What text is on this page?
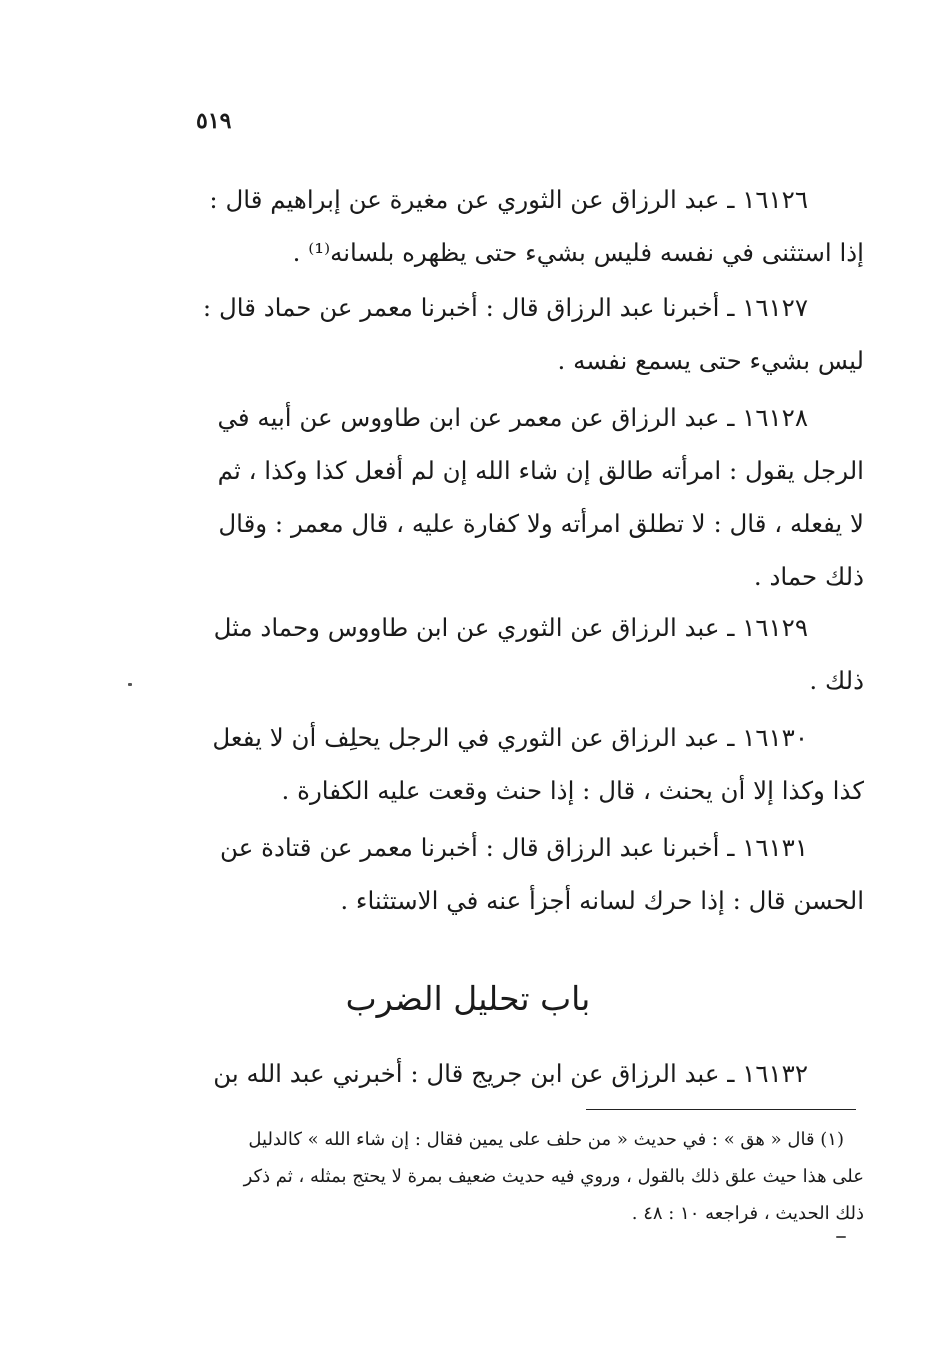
٥١٩
١٦١٢٦ ـ عبد الرزاق عن الثوري عن مغيرة عن إبراهيم قال :
إذا استثنى في نفسه فليس بشيء حتى يظهره بلسانه⁽¹⁾ .
١٦١٢٧ ـ أخبرنا عبد الرزاق قال : أخبرنا معمر عن حماد قال :
ليس بشيء حتى يسمع نفسه .
١٦١٢٨ ـ عبد الرزاق عن معمر عن ابن طاووس عن أبيه في
الرجل يقول : امرأته طالق إن شاء الله إن لم أفعل كذا وكذا ، ثم
لا يفعله ، قال : لا تطلق امرأته ولا كفارة عليه ، قال معمر : وقال
ذلك حماد .
١٦١٢٩ ـ عبد الرزاق عن الثوري عن ابن طاووس وحماد مثل
ذلك .
١٦١٣٠ ـ عبد الرزاق عن الثوري في الرجل يحلِف أن لا يفعل
كذا وكذا إلا أن يحنث ، قال : إذا حنث وقعت عليه الكفارة .
١٦١٣١ ـ أخبرنا عبد الرزاق قال : أخبرنا معمر عن قتادة عن
الحسن قال : إذا حرك لسانه أجزأ عنه في الاستثناء .
باب تحليل الضرب
١٦١٣٢ ـ عبد الرزاق عن ابن جريج قال : أخبرني عبد الله بن
(١) قال « هق » : في حديث « من حلف على يمين فقال : إن شاء الله » كالدليل
على هذا حيث علق ذلك بالقول ، وروي فيه حديث ضعيف بمرة لا يحتج بمثله ، ثم ذكر
ذلك الحديث ، فراجعه ١٠ : ٤٨ .
